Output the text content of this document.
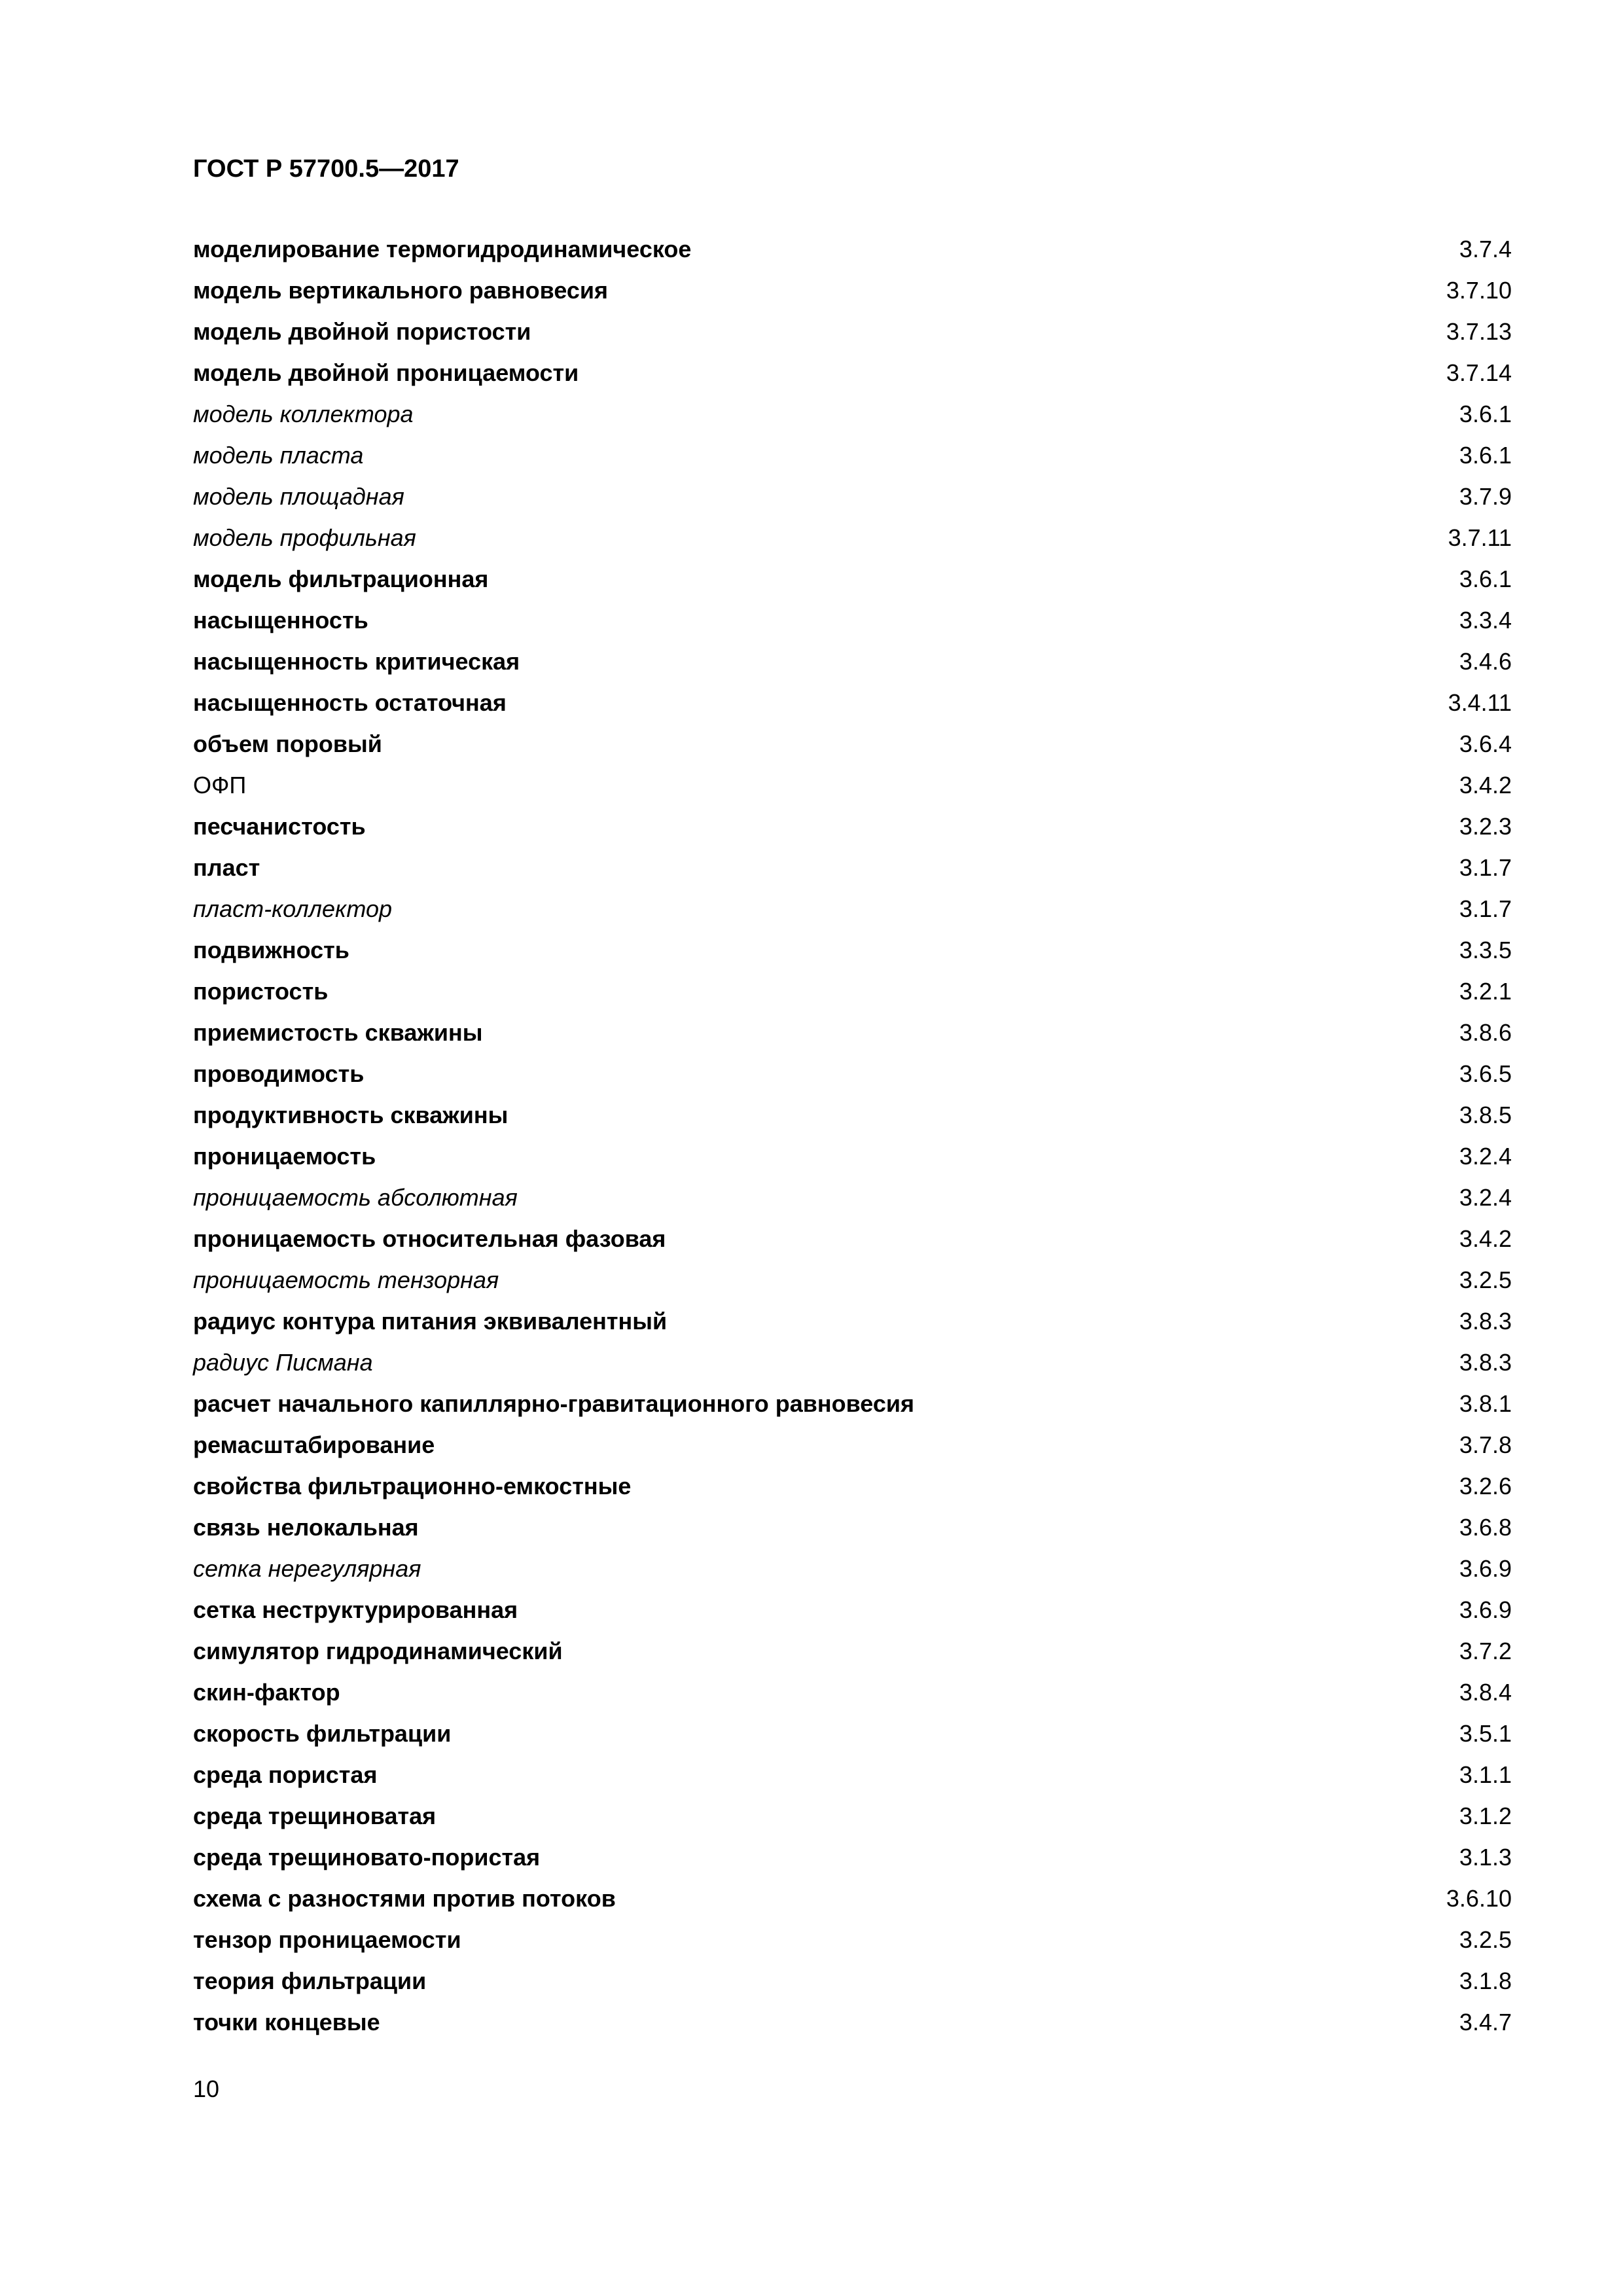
ГОСТ Р 57700.5—2017
моделирование термогидродинамическое	3.7.4
модель вертикального равновесия	3.7.10
модель двойной пористости	3.7.13
модель двойной проницаемости	3.7.14
модель коллектора	3.6.1
модель пласта	3.6.1
модель площадная	3.7.9
модель профильная	3.7.11
модель фильтрационная	3.6.1
насыщенность	3.3.4
насыщенность критическая	3.4.6
насыщенность остаточная	3.4.11
объем поровый	3.6.4
ОФП	3.4.2
песчанистость	3.2.3
пласт	3.1.7
пласт-коллектор	3.1.7
подвижность	3.3.5
пористость	3.2.1
приемистость скважины	3.8.6
проводимость	3.6.5
продуктивность скважины	3.8.5
проницаемость	3.2.4
проницаемость абсолютная	3.2.4
проницаемость относительная фазовая	3.4.2
проницаемость тензорная	3.2.5
радиус контура питания эквивалентный	3.8.3
радиус Писмана	3.8.3
расчет начального капиллярно-гравитационного равновесия	3.8.1
ремасштабирование	3.7.8
свойства фильтрационно-емкостные	3.2.6
связь нелокальная	3.6.8
сетка нерегулярная	3.6.9
сетка неструктурированная	3.6.9
симулятор гидродинамический	3.7.2
скин-фактор	3.8.4
скорость фильтрации	3.5.1
среда пористая	3.1.1
среда трещиноватая	3.1.2
среда трещиновато-пористая	3.1.3
схема с разностями против потоков	3.6.10
тензор проницаемости	3.2.5
теория фильтрации	3.1.8
точки концевые	3.4.7
10
